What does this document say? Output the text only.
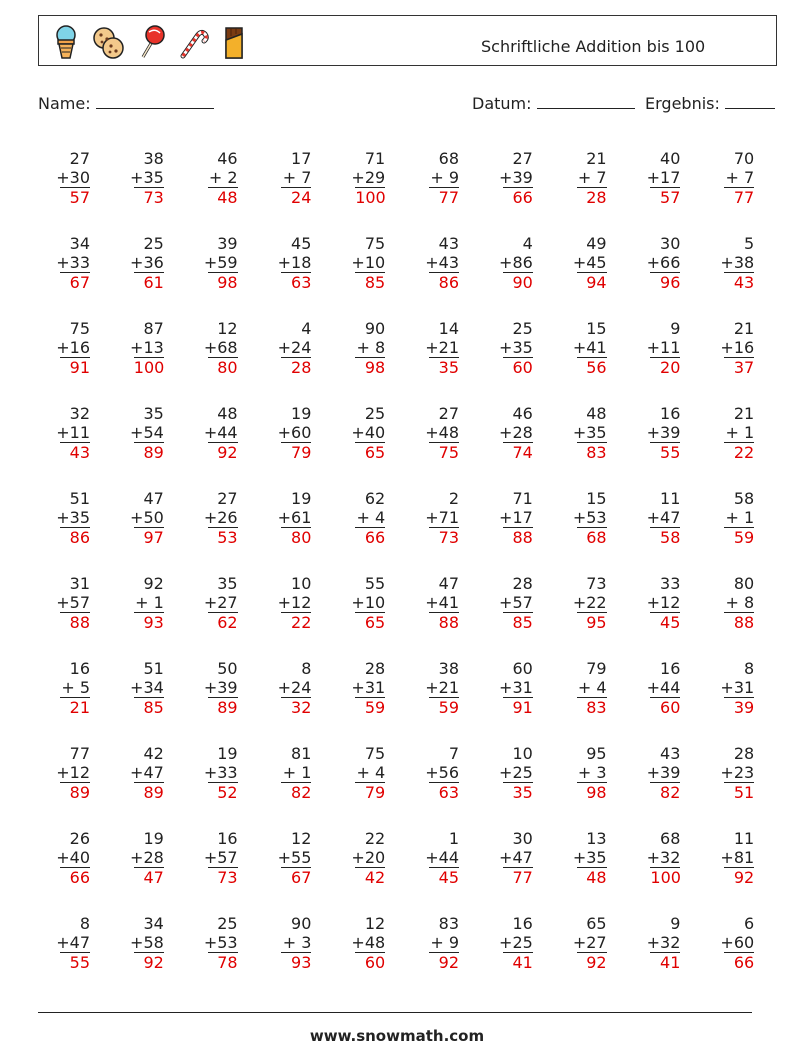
Schriftliche Addition bis 100
Name:	Datum:	Ergebnis:
27
+30
57
38
+35
73
46
+ 2
48
17
+ 7
24
71
+29
100
68
+ 9
77
27
+39
66
21
+ 7
28
40
+17
57
70
+ 7
77
34
+33
67
25
+36
61
39
+59
98
45
+18
63
75
+10
85
43
+43
86
4
+86
90
49
+45
94
30
+66
96
5
+38
43
75
+16
91
87
+13
100
12
+68
80
4
+24
28
90
+ 8
98
14
+21
35
25
+35
60
15
+41
56
9
+11
20
21
+16
37
32
+11
43
35
+54
89
48
+44
92
19
+60
79
25
+40
65
27
+48
75
46
+28
74
48
+35
83
16
+39
55
21
+ 1
22
51
+35
86
47
+50
97
27
+26
53
19
+61
80
62
+ 4
66
2
+71
73
71
+17
88
15
+53
68
11
+47
58
58
+ 1
59
31
+57
88
92
+ 1
93
35
+27
62
10
+12
22
55
+10
65
47
+41
88
28
+57
85
73
+22
95
33
+12
45
80
+ 8
88
16
+ 5
21
51
+34
85
50
+39
89
8
+24
32
28
+31
59
38
+21
59
60
+31
91
79
+ 4
83
16
+44
60
8
+31
39
77
+12
89
42
+47
89
19
+33
52
81
+ 1
82
75
+ 4
79
7
+56
63
10
+25
35
95
+ 3
98
43
+39
82
28
+23
51
26
+40
66
19
+28
47
16
+57
73
12
+55
67
22
+20
42
1
+44
45
30
+47
77
13
+35
48
68
+32
100
11
+81
92
8
+47
55
34
+58
92
25
+53
78
90
+ 3
93
12
+48
60
83
+ 9
92
16
+25
41
65
+27
92
9
+32
41
6
+60
66
www.snowmath.com
